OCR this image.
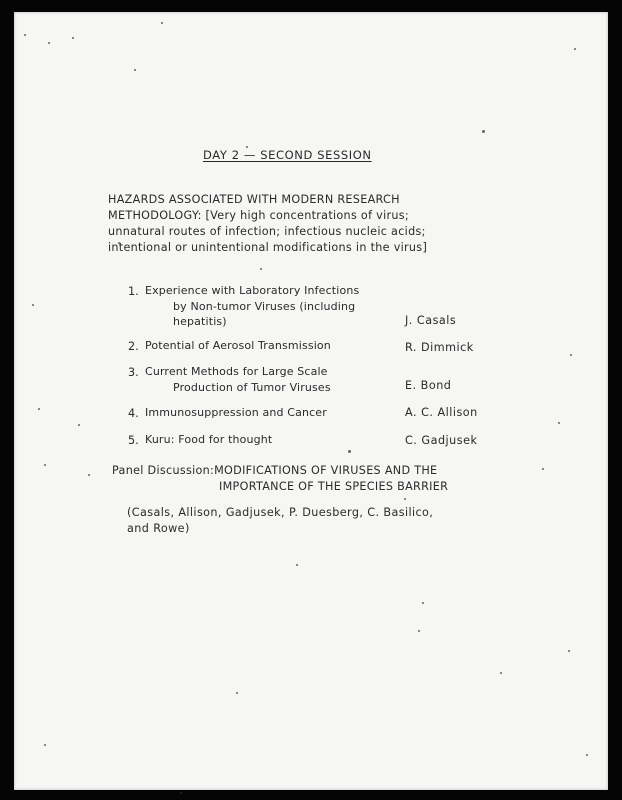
DAY 2 — SECOND SESSION
HAZARDS ASSOCIATED WITH MODERN RESEARCH
METHODOLOGY: [Very high concentrations of virus;
unnatural routes of infection; infectious nucleic acids;
intentional or unintentional modifications in the virus]
1. Experience with Laboratory Infections
by Non-tumor Viruses (including
hepatitis)	J. Casals
2. Potential of Aerosol Transmission	R. Dimmick
3. Current Methods for Large Scale
Production of Tumor Viruses	E. Bond
4. Immunosuppression and Cancer	A. C. Allison
5. Kuru: Food for thought	C. Gadjusek
Panel Discussion:MODIFICATIONS OF VIRUSES AND THE
IMPORTANCE OF THE SPECIES BARRIER
(Casals, Allison, Gadjusek, P. Duesberg, C. Basilico,
and Rowe)
